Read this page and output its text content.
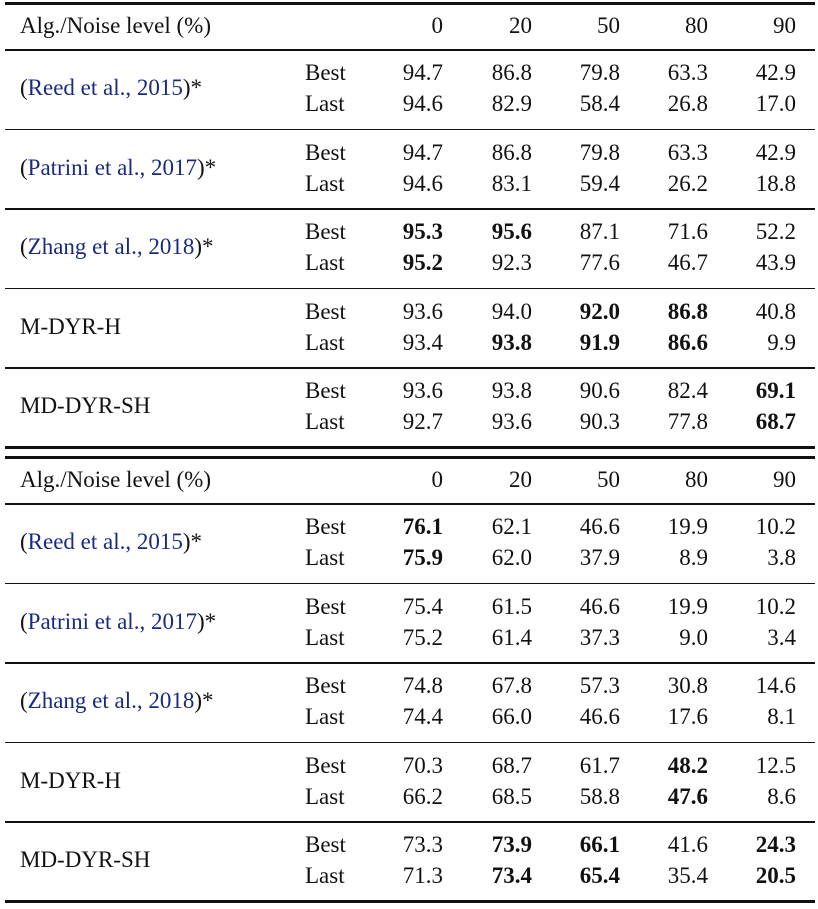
Alg./Noise level (%)	0	20	50	80	90
(Reed et al., 2015)*
Best	94.7	86.8	79.8	63.3	42.9
Last	94.6	82.9	58.4	26.8	17.0
(Patrini et al., 2017)*
Best	94.7	86.8	79.8	63.3	42.9
Last	94.6	83.1	59.4	26.2	18.8
(Zhang et al., 2018)*
Best	95.3	95.6	87.1	71.6	52.2
Last	95.2	92.3	77.6	46.7	43.9
M-DYR-H
Best	93.6	94.0	92.0	86.8	40.8
Last	93.4	93.8	91.9	86.6	9.9
MD-DYR-SH
Best	93.6	93.8	90.6	82.4	69.1
Last	92.7	93.6	90.3	77.8	68.7
Alg./Noise level (%)	0	20	50	80	90
(Reed et al., 2015)*
Best	76.1	62.1	46.6	19.9	10.2
Last	75.9	62.0	37.9	8.9	3.8
(Patrini et al., 2017)*
Best	75.4	61.5	46.6	19.9	10.2
Last	75.2	61.4	37.3	9.0	3.4
(Zhang et al., 2018)*
Best	74.8	67.8	57.3	30.8	14.6
Last	74.4	66.0	46.6	17.6	8.1
M-DYR-H
Best	70.3	68.7	61.7	48.2	12.5
Last	66.2	68.5	58.8	47.6	8.6
MD-DYR-SH
Best	73.3	73.9	66.1	41.6	24.3
Last	71.3	73.4	65.4	35.4	20.5
